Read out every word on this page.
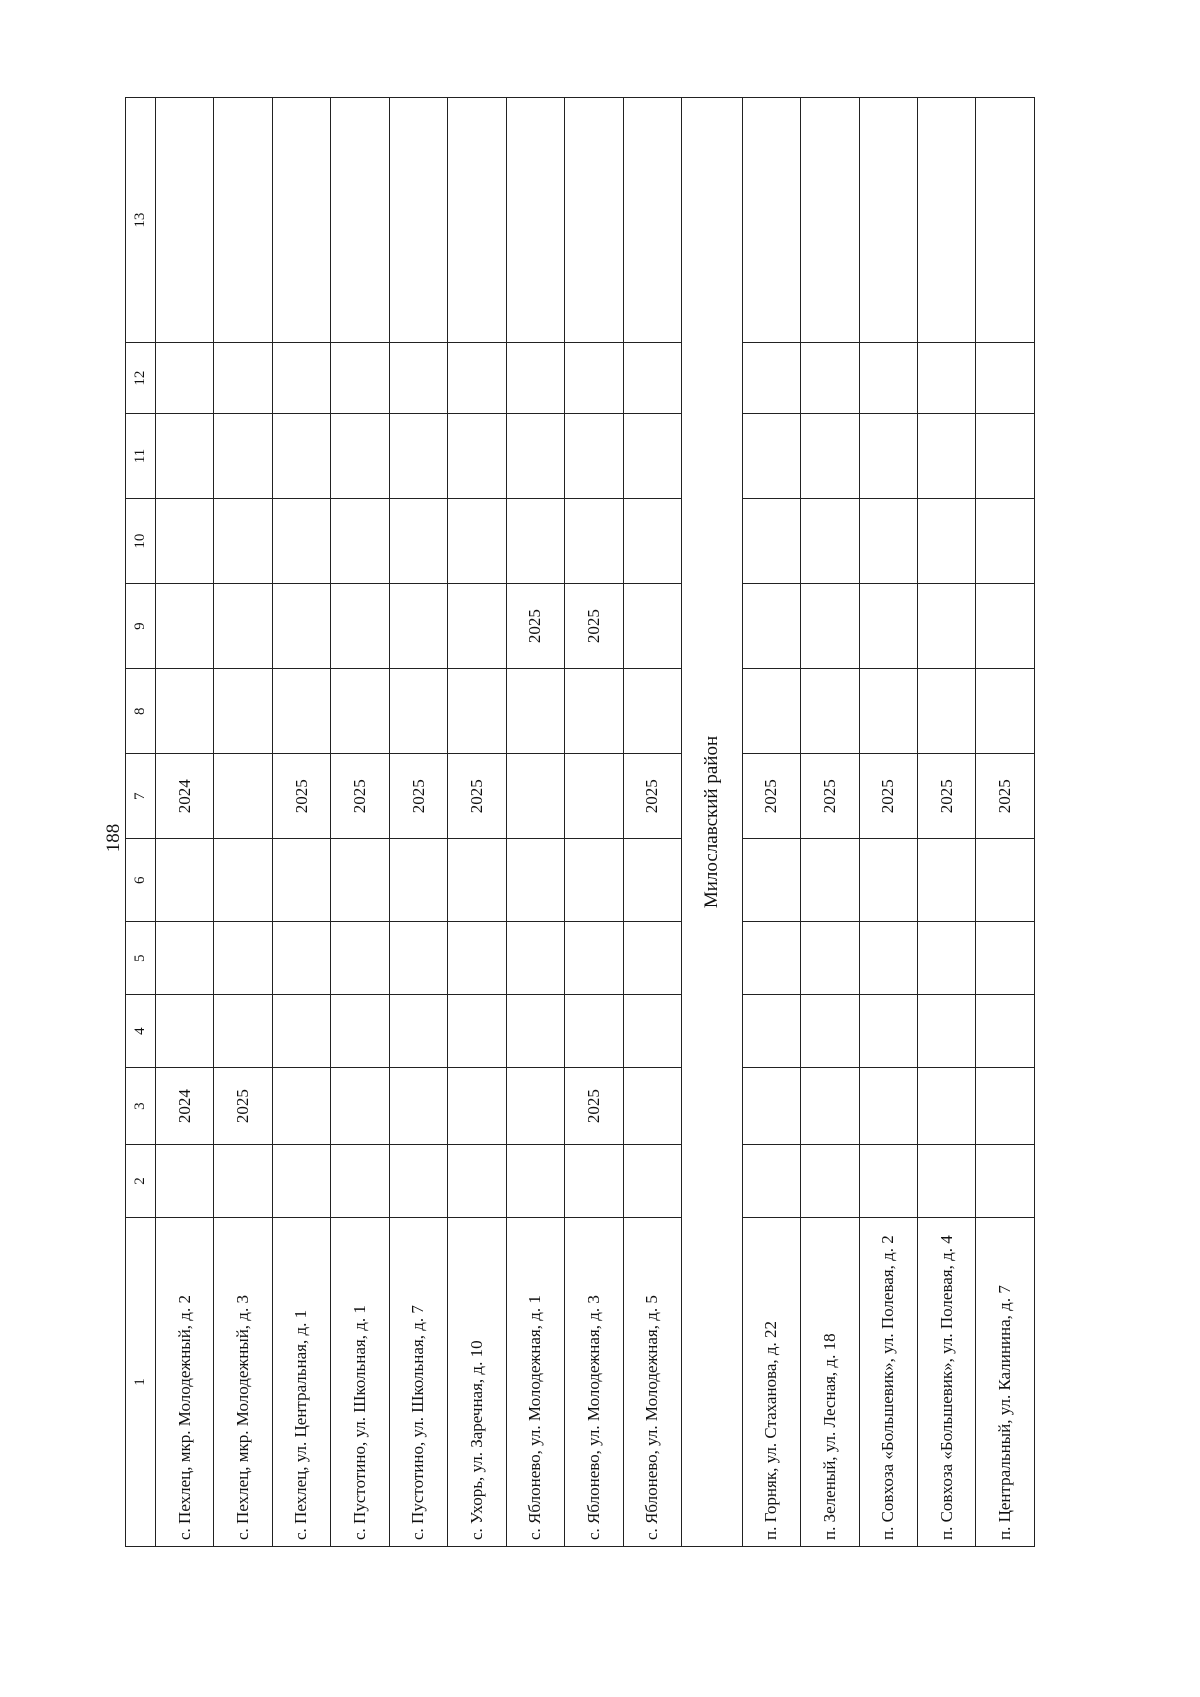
188
1	2	3	4	5	6	7	8	9	10	11	12	13
с. Пехлец, мкр. Молодежный, д. 2		2024				2024						
с. Пехлец, мкр. Молодежный, д. 3		2025										
с. Пехлец, ул. Центральная, д. 1						2025						
с. Пустотино, ул. Школьная, д. 1						2025						
с. Пустотино, ул. Школьная, д. 7						2025						
с. Ухорь, ул. Заречная, д. 10						2025						
с. Яблонево, ул. Молодежная, д. 1								2025				
с. Яблонево, ул. Молодежная, д. 3		2025						2025				
с. Яблонево, ул. Молодежная, д. 5						2025						
Милославский район												
п. Горняк, ул. Стаханова, д. 22						2025						
п. Зеленый, ул. Лесная, д. 18						2025						
п. Совхоза «Большевик», ул. Полевая, д. 2						2025						
п. Совхоза «Большевик», ул. Полевая, д. 4						2025						
п. Центральный, ул. Калинина, д. 7						2025						
